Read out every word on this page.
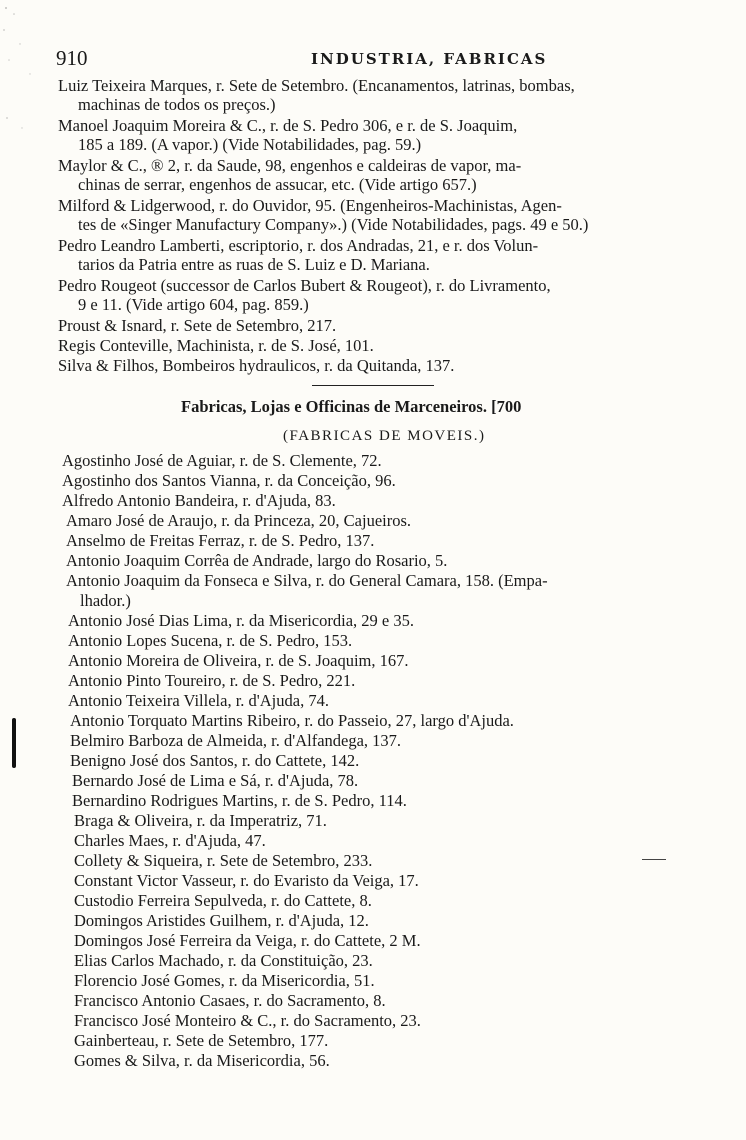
910	INDUSTRIA, FABRICAS
Luiz Teixeira Marques, r. Sete de Setembro. (Encanamentos, latrinas, bombas,
machinas de todos os preços.)
Manoel Joaquim Moreira & C., r. de S. Pedro 306, e r. de S. Joaquim,
185 a 189. (A vapor.) (Vide Notabilidades, pag. 59.)
Maylor & C., ® 2, r. da Saude, 98, engenhos e caldeiras de vapor, ma-
chinas de serrar, engenhos de assucar, etc. (Vide artigo 657.)
Milford & Lidgerwood, r. do Ouvidor, 95. (Engenheiros-Machinistas, Agen-
tes de «Singer Manufactury Company».) (Vide Notabilidades, pags. 49 e 50.)
Pedro Leandro Lamberti, escriptorio, r. dos Andradas, 21, e r. dos Volun-
tarios da Patria entre as ruas de S. Luiz e D. Mariana.
Pedro Rougeot (successor de Carlos Bubert & Rougeot), r. do Livramento,
9 e 11. (Vide artigo 604, pag. 859.)
Proust & Isnard, r. Sete de Setembro, 217.
Regis Conteville, Machinista, r. de S. José, 101.
Silva & Filhos, Bombeiros hydraulicos, r. da Quitanda, 137.
Fabricas, Lojas e Officinas de Marceneiros. [700
(FABRICAS DE MOVEIS.)
Agostinho José de Aguiar, r. de S. Clemente, 72.
Agostinho dos Santos Vianna, r. da Conceição, 96.
Alfredo Antonio Bandeira, r. d'Ajuda, 83.
Amaro José de Araujo, r. da Princeza, 20, Cajueiros.
Anselmo de Freitas Ferraz, r. de S. Pedro, 137.
Antonio Joaquim Corrêa de Andrade, largo do Rosario, 5.
Antonio Joaquim da Fonseca e Silva, r. do General Camara, 158. (Empa-
lhador.)
Antonio José Dias Lima, r. da Misericordia, 29 e 35.
Antonio Lopes Sucena, r. de S. Pedro, 153.
Antonio Moreira de Oliveira, r. de S. Joaquim, 167.
Antonio Pinto Toureiro, r. de S. Pedro, 221.
Antonio Teixeira Villela, r. d'Ajuda, 74.
Antonio Torquato Martins Ribeiro, r. do Passeio, 27, largo d'Ajuda.
Belmiro Barboza de Almeida, r. d'Alfandega, 137.
Benigno José dos Santos, r. do Cattete, 142.
Bernardo José de Lima e Sá, r. d'Ajuda, 78.
Bernardino Rodrigues Martins, r. de S. Pedro, 114.
Braga & Oliveira, r. da Imperatriz, 71.
Charles Maes, r. d'Ajuda, 47.
Collety & Siqueira, r. Sete de Setembro, 233.
Constant Victor Vasseur, r. do Evaristo da Veiga, 17.
Custodio Ferreira Sepulveda, r. do Cattete, 8.
Domingos Aristides Guilhem, r. d'Ajuda, 12.
Domingos José Ferreira da Veiga, r. do Cattete, 2 M.
Elias Carlos Machado, r. da Constituição, 23.
Florencio José Gomes, r. da Misericordia, 51.
Francisco Antonio Casaes, r. do Sacramento, 8.
Francisco José Monteiro & C., r. do Sacramento, 23.
Gainberteau, r. Sete de Setembro, 177.
Gomes & Silva, r. da Misericordia, 56.
